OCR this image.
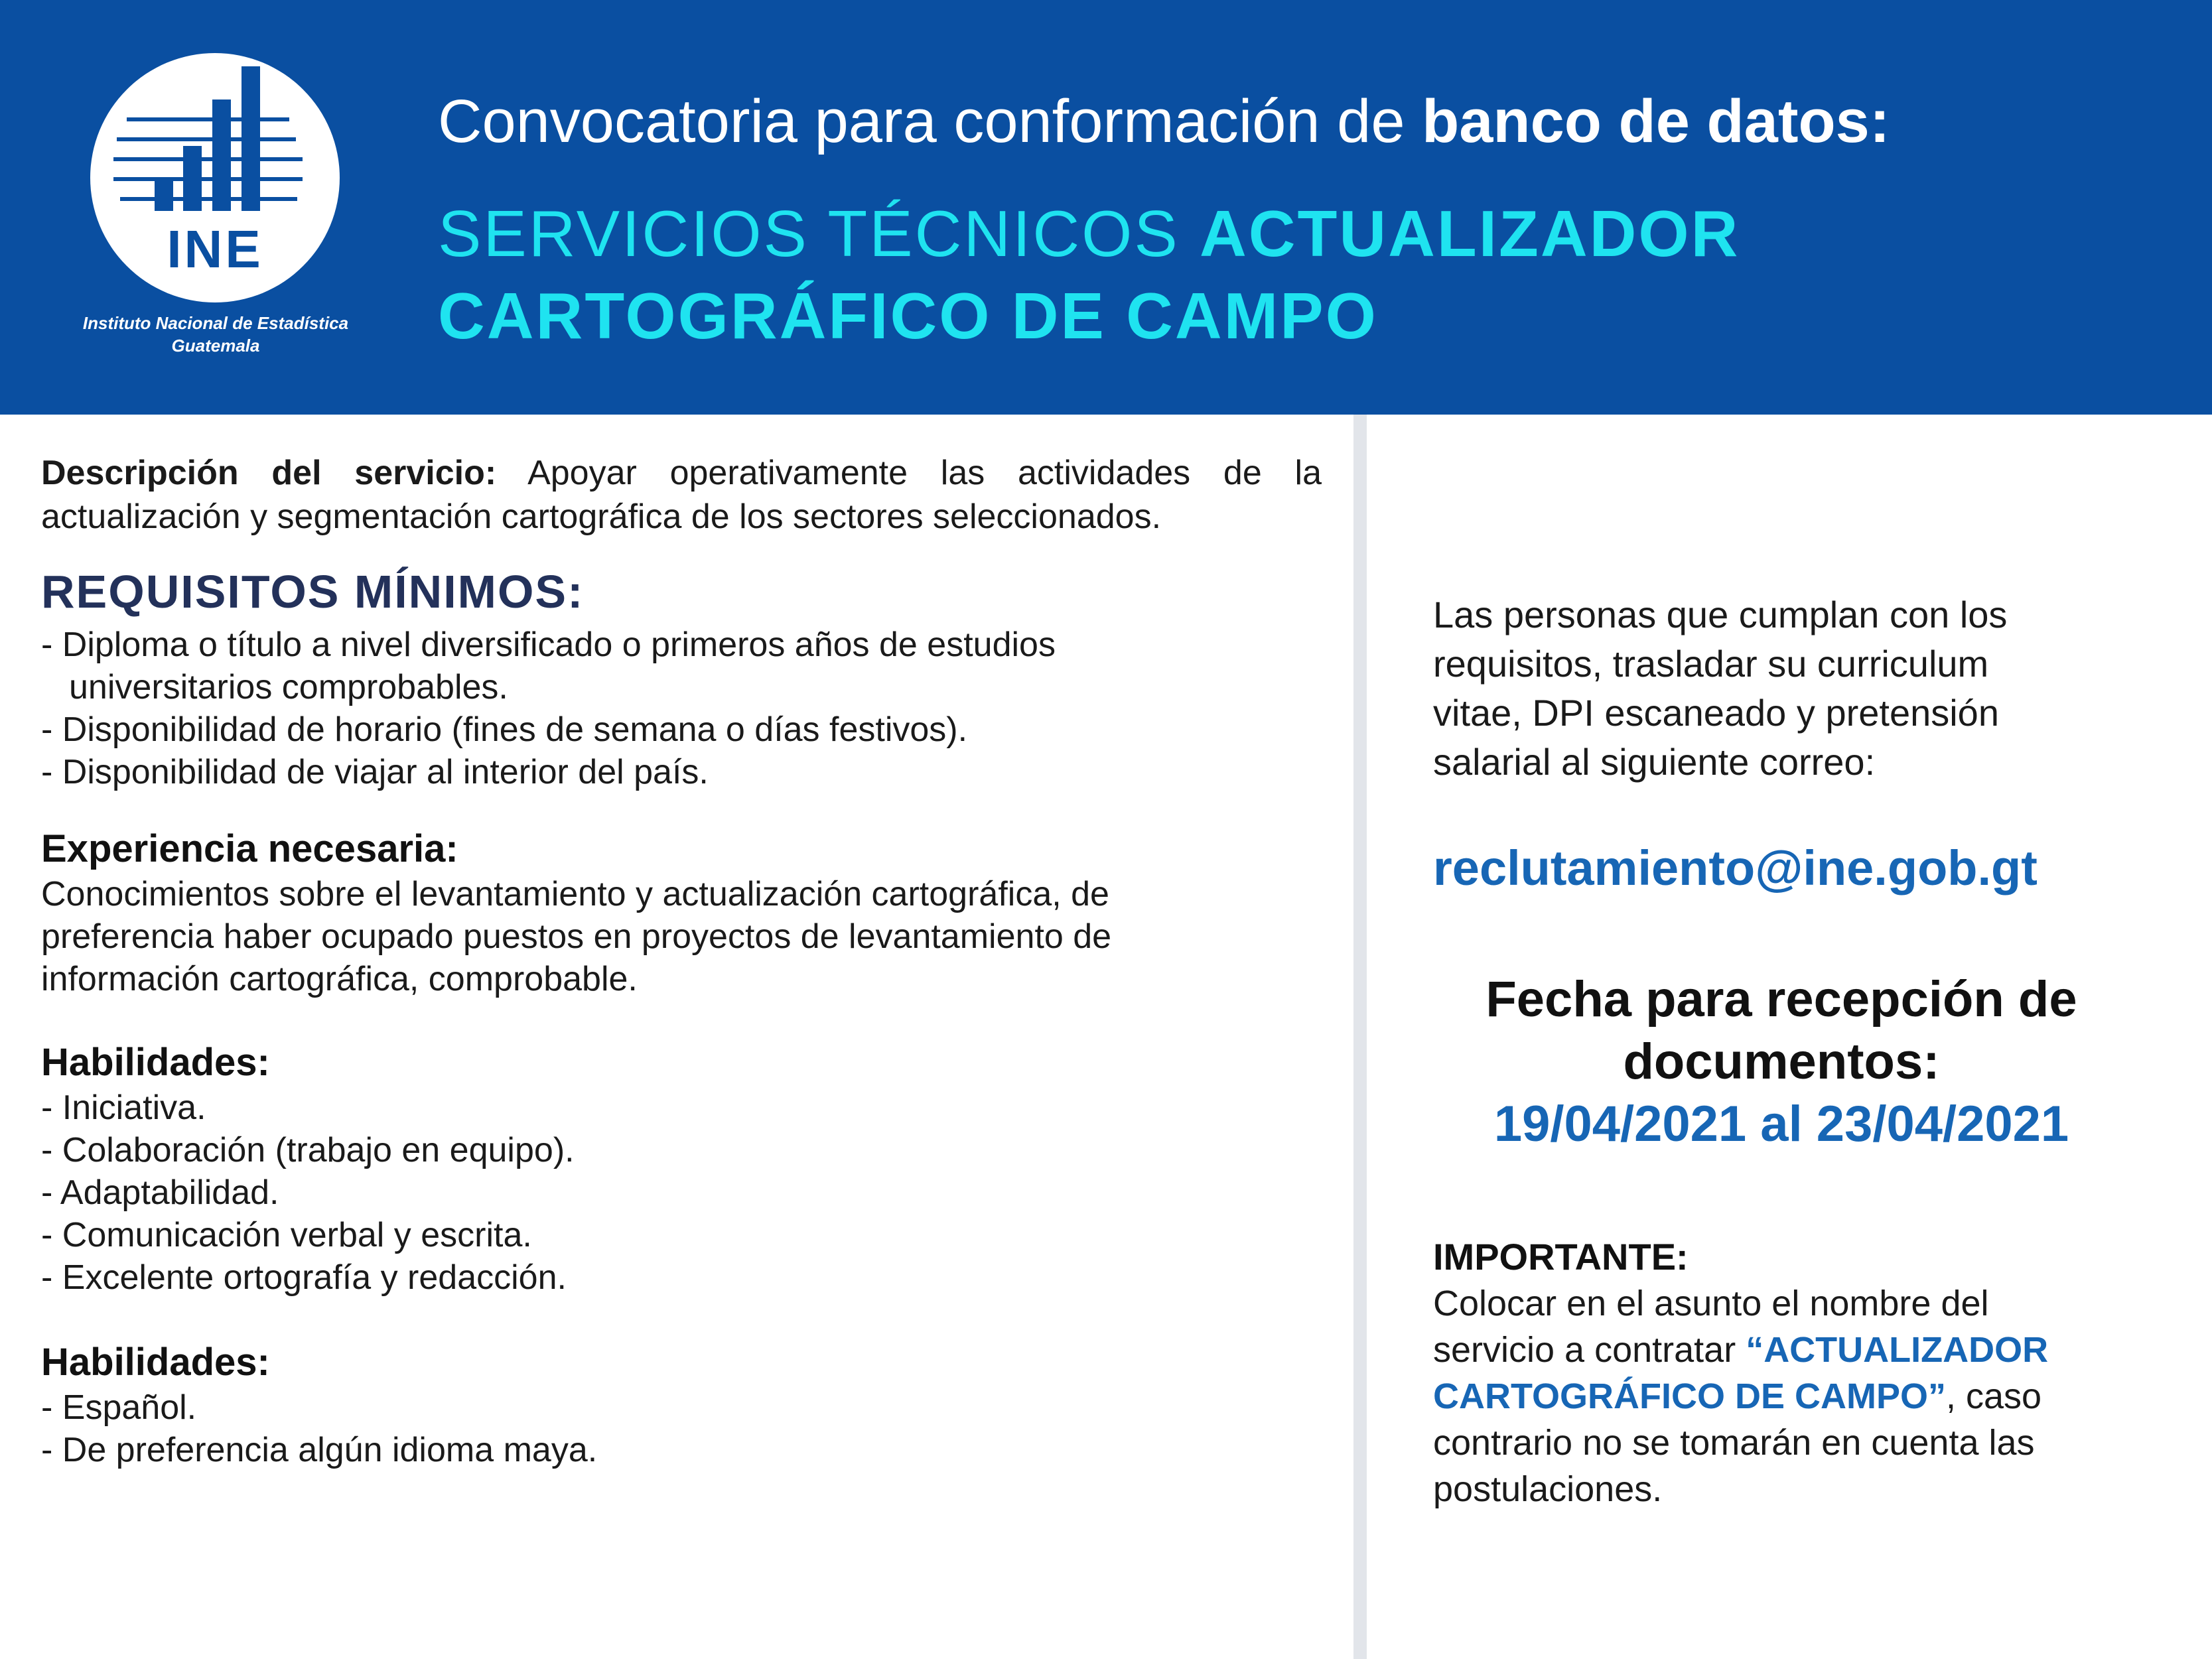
INE
Instituto Nacional de Estadística
Guatemala
Convocatoria para conformación de banco de datos:
SERVICIOS TÉCNICOS ACTUALIZADOR
CARTOGRÁFICO DE CAMPO

Descripción del servicio: Apoyar operativamente las actividades de la actualización y segmentación cartográfica de los sectores seleccionados.

REQUISITOS MÍNIMOS:
- Diploma o título a nivel diversificado o primeros años de estudios
universitarios comprobables.
- Disponibilidad de horario (fines de semana o días festivos).
- Disponibilidad de viajar al interior del país.
Experiencia necesaria:

Conocimientos sobre el levantamiento y actualización cartográfica, de
preferencia haber ocupado puestos en proyectos de levantamiento de
información cartográfica, comprobable.

Habilidades:
- Iniciativa.
- Colaboración (trabajo en equipo).
- Adaptabilidad.
- Comunicación verbal y escrita.
- Excelente ortografía y redacción.
Habilidades:
- Español.
- De preferencia algún idioma maya.

Las personas que cumplan con los
requisitos, trasladar su curriculum
vitae, DPI escaneado y pretensión
salarial al siguiente correo:

reclutamiento@ine.gob.gt

Fecha para recepción de
documentos:

19/04/2021 al 23/04/2021

IMPORTANTE:

Colocar en el asunto el nombre del
servicio a contratar “ACTUALIZADOR
CARTOGRÁFICO DE CAMPO”, caso
contrario no se tomarán en cuenta las
postulaciones.
